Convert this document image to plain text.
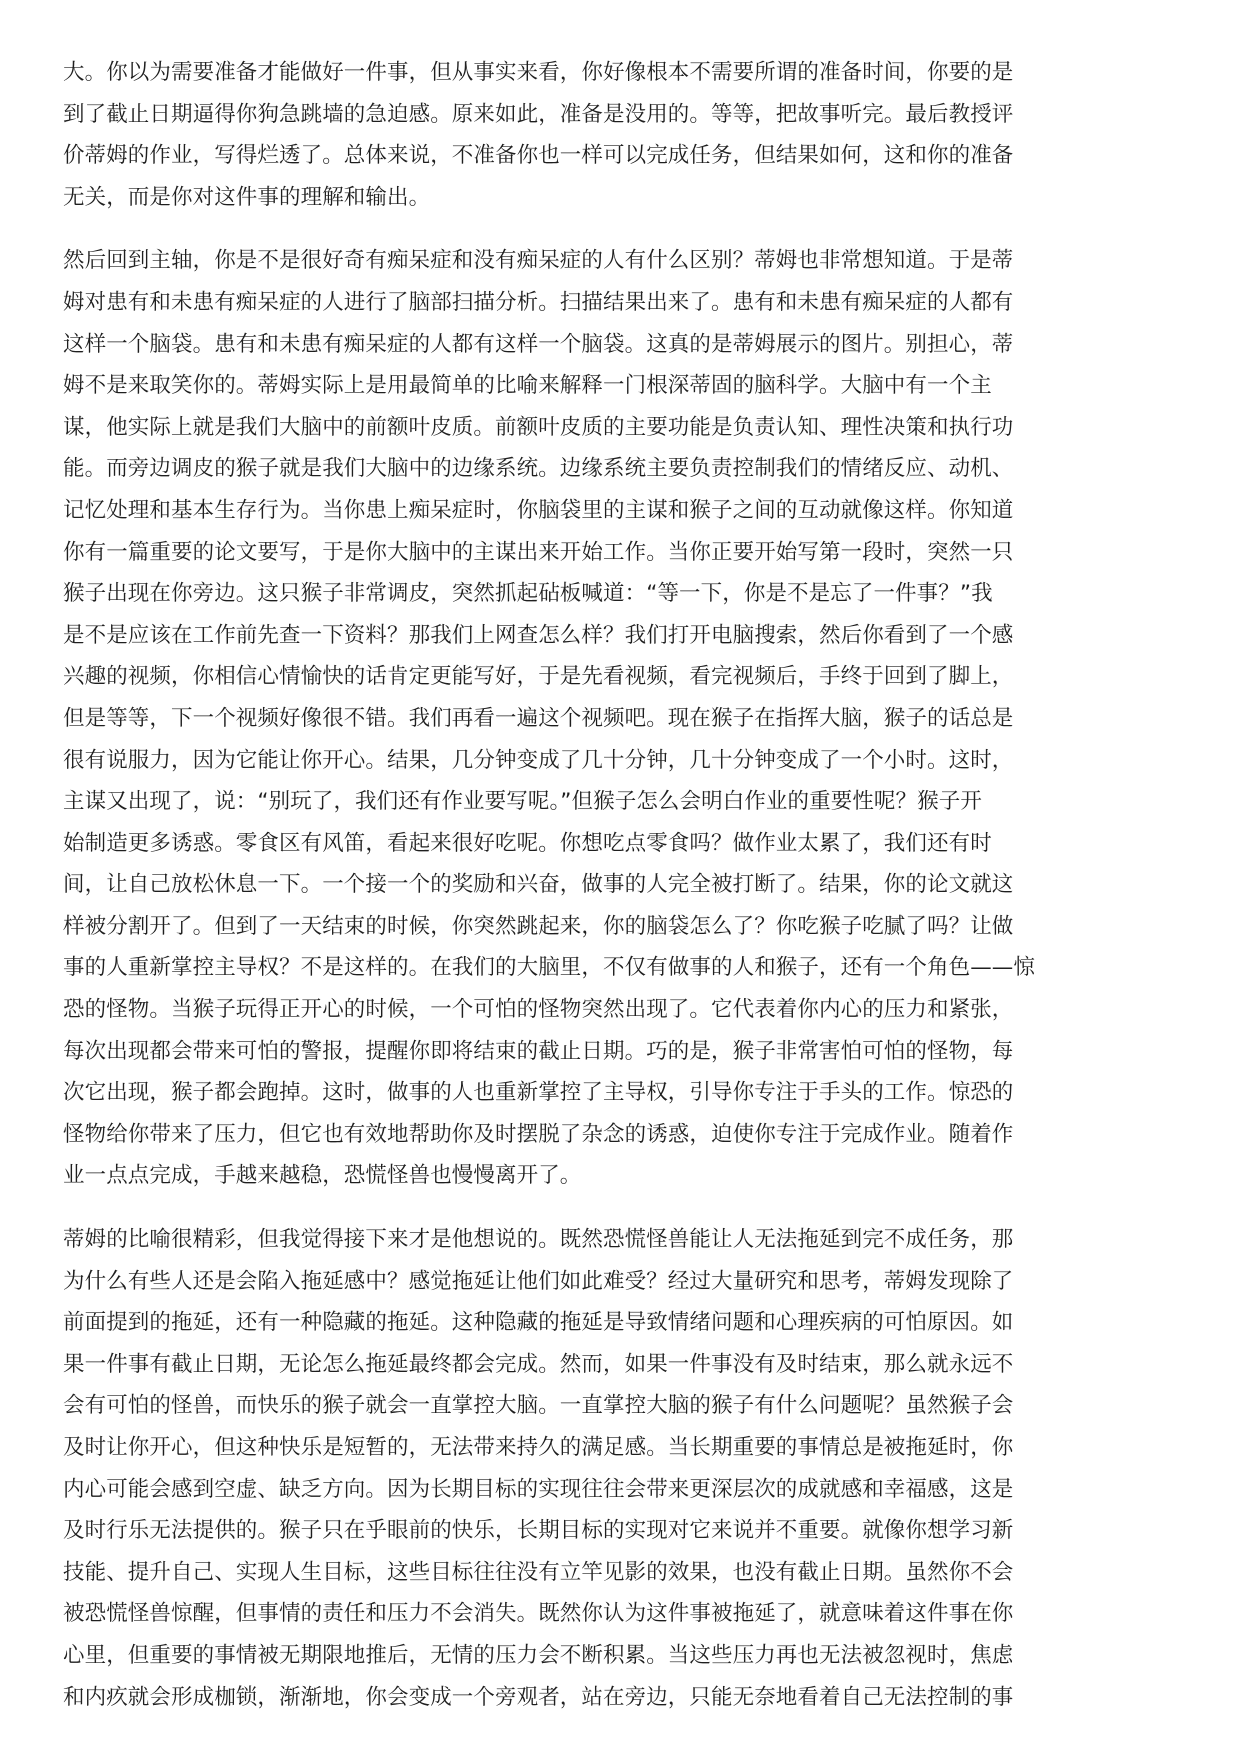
大。你以为需要准备才能做好一件事，但从事实来看，你好像根本不需要所谓的准备时间，你要的是
到了截止日期逼得你狗急跳墙的急迫感。原来如此，准备是没用的。等等，把故事听完。最后教授评
价蒂姆的作业，写得烂透了。总体来说，不准备你也一样可以完成任务，但结果如何，这和你的准备
无关，而是你对这件事的理解和输出。

然后回到主轴，你是不是很好奇有痴呆症和没有痴呆症的人有什么区别？蒂姆也非常想知道。于是蒂
姆对患有和未患有痴呆症的人进行了脑部扫描分析。扫描结果出来了。患有和未患有痴呆症的人都有
这样一个脑袋。患有和未患有痴呆症的人都有这样一个脑袋。这真的是蒂姆展示的图片。别担心，蒂
姆不是来取笑你的。蒂姆实际上是用最简单的比喻来解释一门根深蒂固的脑科学。大脑中有一个主
谋，他实际上就是我们大脑中的前额叶皮质。前额叶皮质的主要功能是负责认知、理性决策和执行功
能。而旁边调皮的猴子就是我们大脑中的边缘系统。边缘系统主要负责控制我们的情绪反应、动机、
记忆处理和基本生存行为。当你患上痴呆症时，你脑袋里的主谋和猴子之间的互动就像这样。你知道
你有一篇重要的论文要写，于是你大脑中的主谋出来开始工作。当你正要开始写第一段时，突然一只
猴子出现在你旁边。这只猴子非常调皮，突然抓起砧板喊道：“等一下，你是不是忘了一件事？”我
是不是应该在工作前先查一下资料？那我们上网查怎么样？我们打开电脑搜索，然后你看到了一个感
兴趣的视频，你相信心情愉快的话肯定更能写好，于是先看视频，看完视频后，手终于回到了脚上，
但是等等，下一个视频好像很不错。我们再看一遍这个视频吧。现在猴子在指挥大脑，猴子的话总是
很有说服力，因为它能让你开心。结果，几分钟变成了几十分钟，几十分钟变成了一个小时。这时，
主谋又出现了，说：“别玩了，我们还有作业要写呢。”但猴子怎么会明白作业的重要性呢？猴子开
始制造更多诱惑。零食区有风笛，看起来很好吃呢。你想吃点零食吗？做作业太累了，我们还有时
间，让自己放松休息一下。一个接一个的奖励和兴奋，做事的人完全被打断了。结果，你的论文就这
样被分割开了。但到了一天结束的时候，你突然跳起来，你的脑袋怎么了？你吃猴子吃腻了吗？让做
事的人重新掌控主导权？不是这样的。在我们的大脑里，不仅有做事的人和猴子，还有一个角色——惊
恐的怪物。当猴子玩得正开心的时候，一个可怕的怪物突然出现了。它代表着你内心的压力和紧张，
每次出现都会带来可怕的警报，提醒你即将结束的截止日期。巧的是，猴子非常害怕可怕的怪物，每
次它出现，猴子都会跑掉。这时，做事的人也重新掌控了主导权，引导你专注于手头的工作。惊恐的
怪物给你带来了压力，但它也有效地帮助你及时摆脱了杂念的诱惑，迫使你专注于完成作业。随着作
业一点点完成，手越来越稳，恐慌怪兽也慢慢离开了。

蒂姆的比喻很精彩，但我觉得接下来才是他想说的。既然恐慌怪兽能让人无法拖延到完不成任务，那
为什么有些人还是会陷入拖延感中？感觉拖延让他们如此难受？经过大量研究和思考，蒂姆发现除了
前面提到的拖延，还有一种隐藏的拖延。这种隐藏的拖延是导致情绪问题和心理疾病的可怕原因。如
果一件事有截止日期，无论怎么拖延最终都会完成。然而，如果一件事没有及时结束，那么就永远不
会有可怕的怪兽，而快乐的猴子就会一直掌控大脑。一直掌控大脑的猴子有什么问题呢？虽然猴子会
及时让你开心，但这种快乐是短暂的，无法带来持久的满足感。当长期重要的事情总是被拖延时，你
内心可能会感到空虚、缺乏方向。因为长期目标的实现往往会带来更深层次的成就感和幸福感，这是
及时行乐无法提供的。猴子只在乎眼前的快乐，长期目标的实现对它来说并不重要。就像你想学习新
技能、提升自己、实现人生目标，这些目标往往没有立竿见影的效果，也没有截止日期。虽然你不会
被恐慌怪兽惊醒，但事情的责任和压力不会消失。既然你认为这件事被拖延了，就意味着这件事在你
心里，但重要的事情被无期限地推后，无情的压力会不断积累。当这些压力再也无法被忽视时，焦虑
和内疚就会形成枷锁，渐渐地，你会变成一个旁观者，站在旁边，只能无奈地看着自己无法控制的事
